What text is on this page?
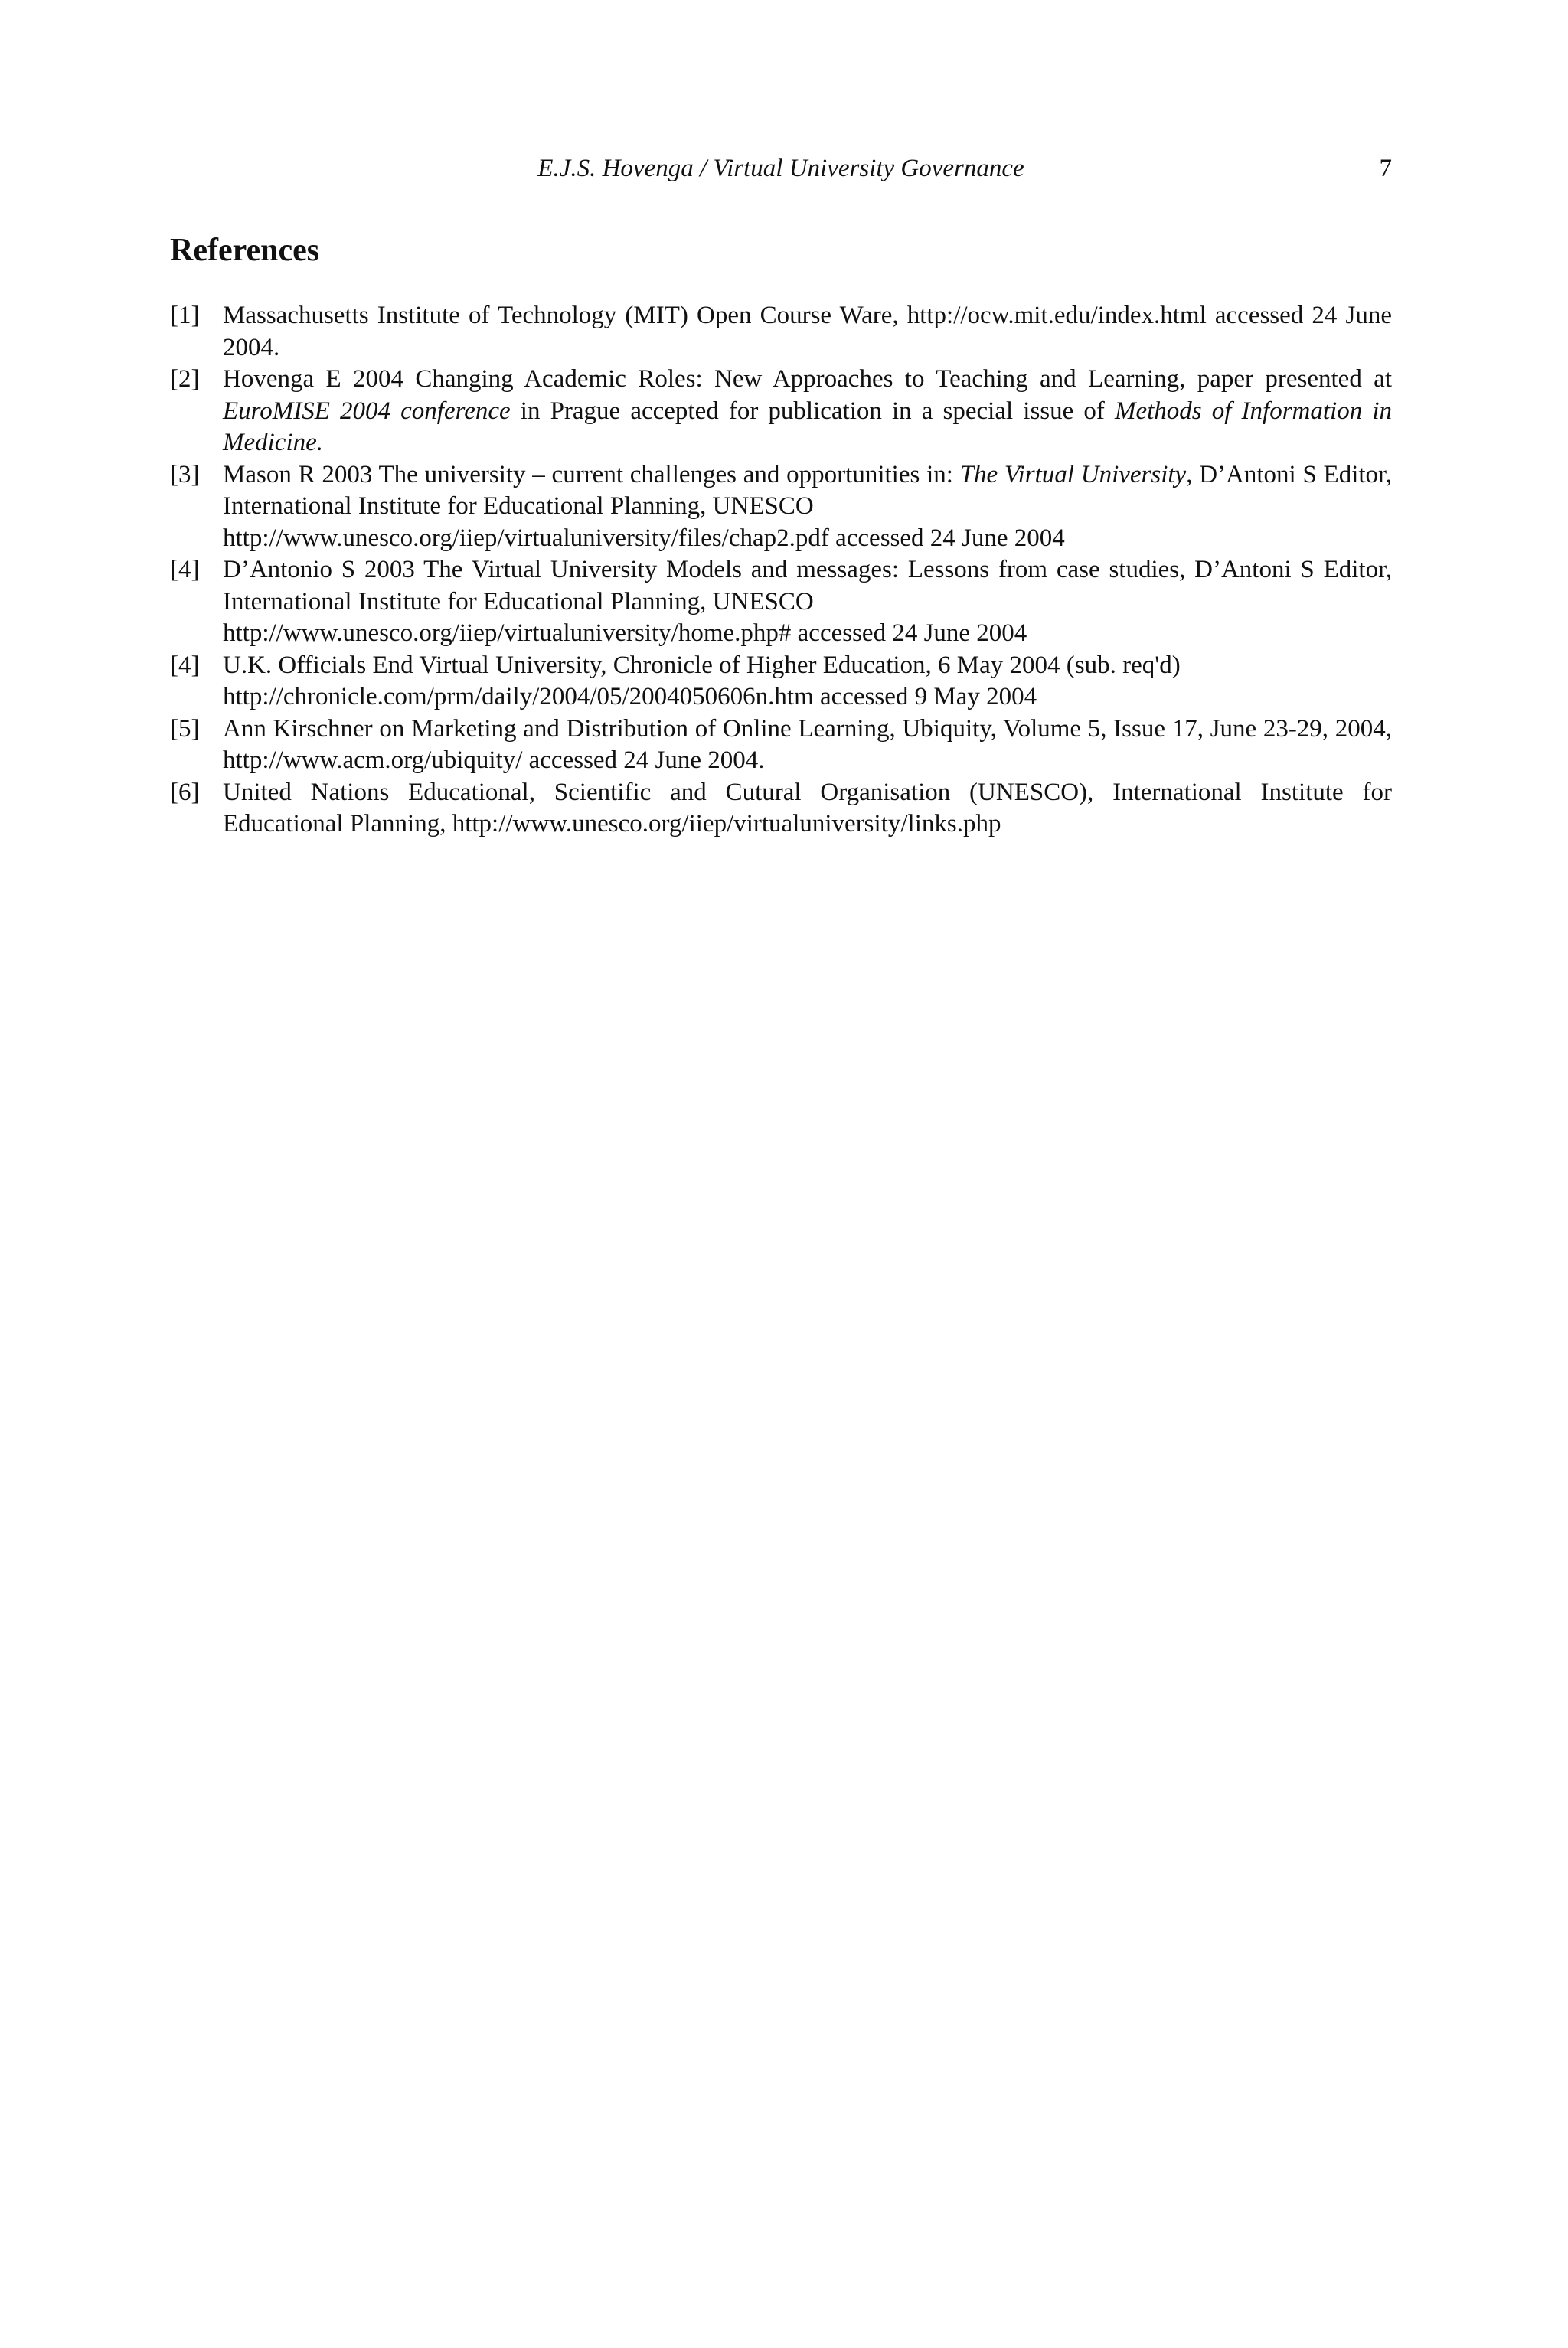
E.J.S. Hovenga / Virtual University Governance	7
References
[1] Massachusetts Institute of Technology (MIT) Open Course Ware, http://ocw.mit.edu/index.html accessed 24 June 2004.
[2] Hovenga E 2004 Changing Academic Roles: New Approaches to Teaching and Learning, paper presented at EuroMISE 2004 conference in Prague accepted for publication in a special issue of Methods of Information in Medicine.
[3] Mason R 2003 The university – current challenges and opportunities in: The Virtual University, D’Antoni S Editor, International Institute for Educational Planning, UNESCO
http://www.unesco.org/iiep/virtualuniversity/files/chap2.pdf accessed 24 June 2004
[4] D’Antonio S 2003 The Virtual University Models and messages: Lessons from case studies, D’Antoni S Editor, International Institute for Educational Planning, UNESCO
http://www.unesco.org/iiep/virtualuniversity/home.php# accessed 24 June 2004
[4] U.K. Officials End Virtual University, Chronicle of Higher Education, 6 May 2004 (sub. req'd)
http://chronicle.com/prm/daily/2004/05/2004050606n.htm accessed 9 May 2004
[5] Ann Kirschner on Marketing and Distribution of Online Learning, Ubiquity, Volume 5, Issue 17, June 23-29, 2004, http://www.acm.org/ubiquity/ accessed 24 June 2004.
[6] United Nations Educational, Scientific and Cutural Organisation (UNESCO), International Institute for Educational Planning, http://www.unesco.org/iiep/virtualuniversity/links.php
